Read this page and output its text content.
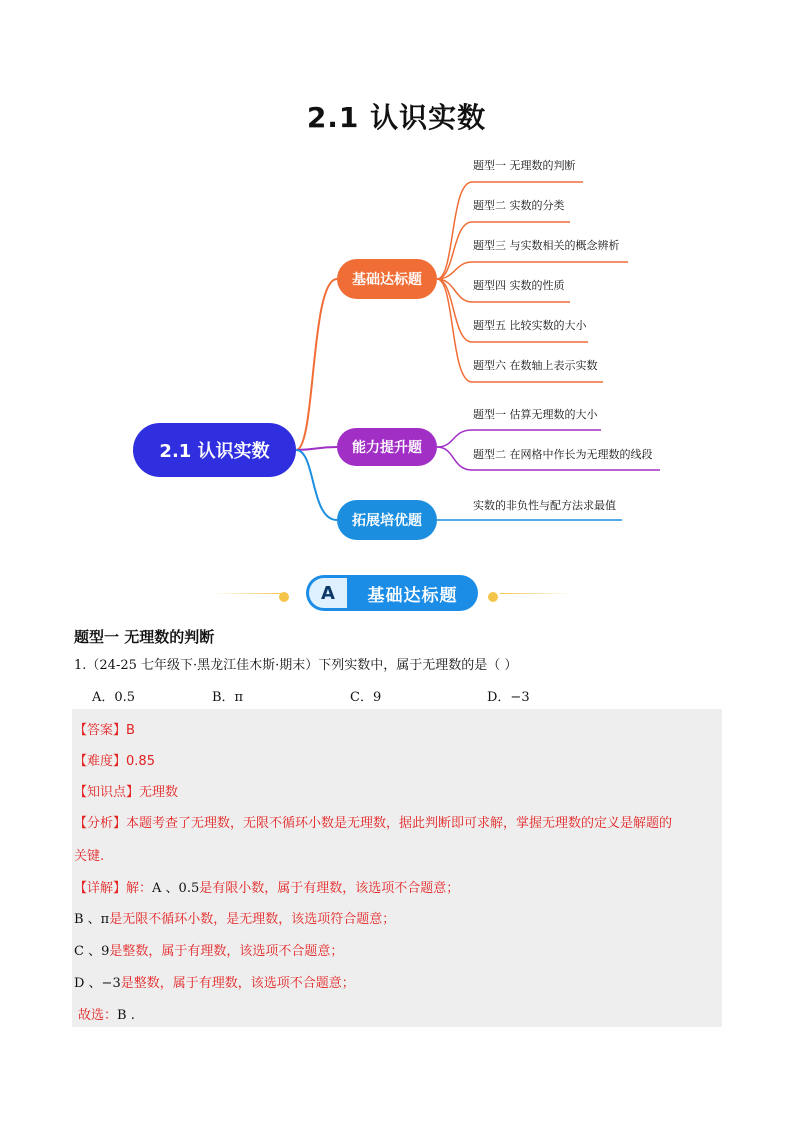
2.1 认识实数
2.1 认识实数
基础达标题
能力提升题
拓展培优题
题型一 无理数的判断
题型二 实数的分类
题型三 与实数相关的概念辨析
题型四 实数的性质
题型五 比较实数的大小
题型六 在数轴上表示实数
题型一 估算无理数的大小
题型二 在网格中作长为无理数的线段
实数的非负性与配方法求最值
A	基础达标题
题型一 无理数的判断
1.（24-25 七年级下·黑龙江佳木斯·期末）下列实数中，属于无理数的是（ ）
A．0.5	B．π	C．9	D．−3
【答案】B
【难度】0.85
【知识点】无理数
【分析】本题考查了无理数，无限不循环小数是无理数，据此判断即可求解，掌握无理数的定义是解题的
关键.
【详解】解：A 、0.5是有限小数，属于有理数，该选项不合题意；
B 、π是无限不循环小数，是无理数，该选项符合题意；
C 、9是整数，属于有理数，该选项不合题意；
D 、−3是整数，属于有理数，该选项不合题意；
故选：B .
